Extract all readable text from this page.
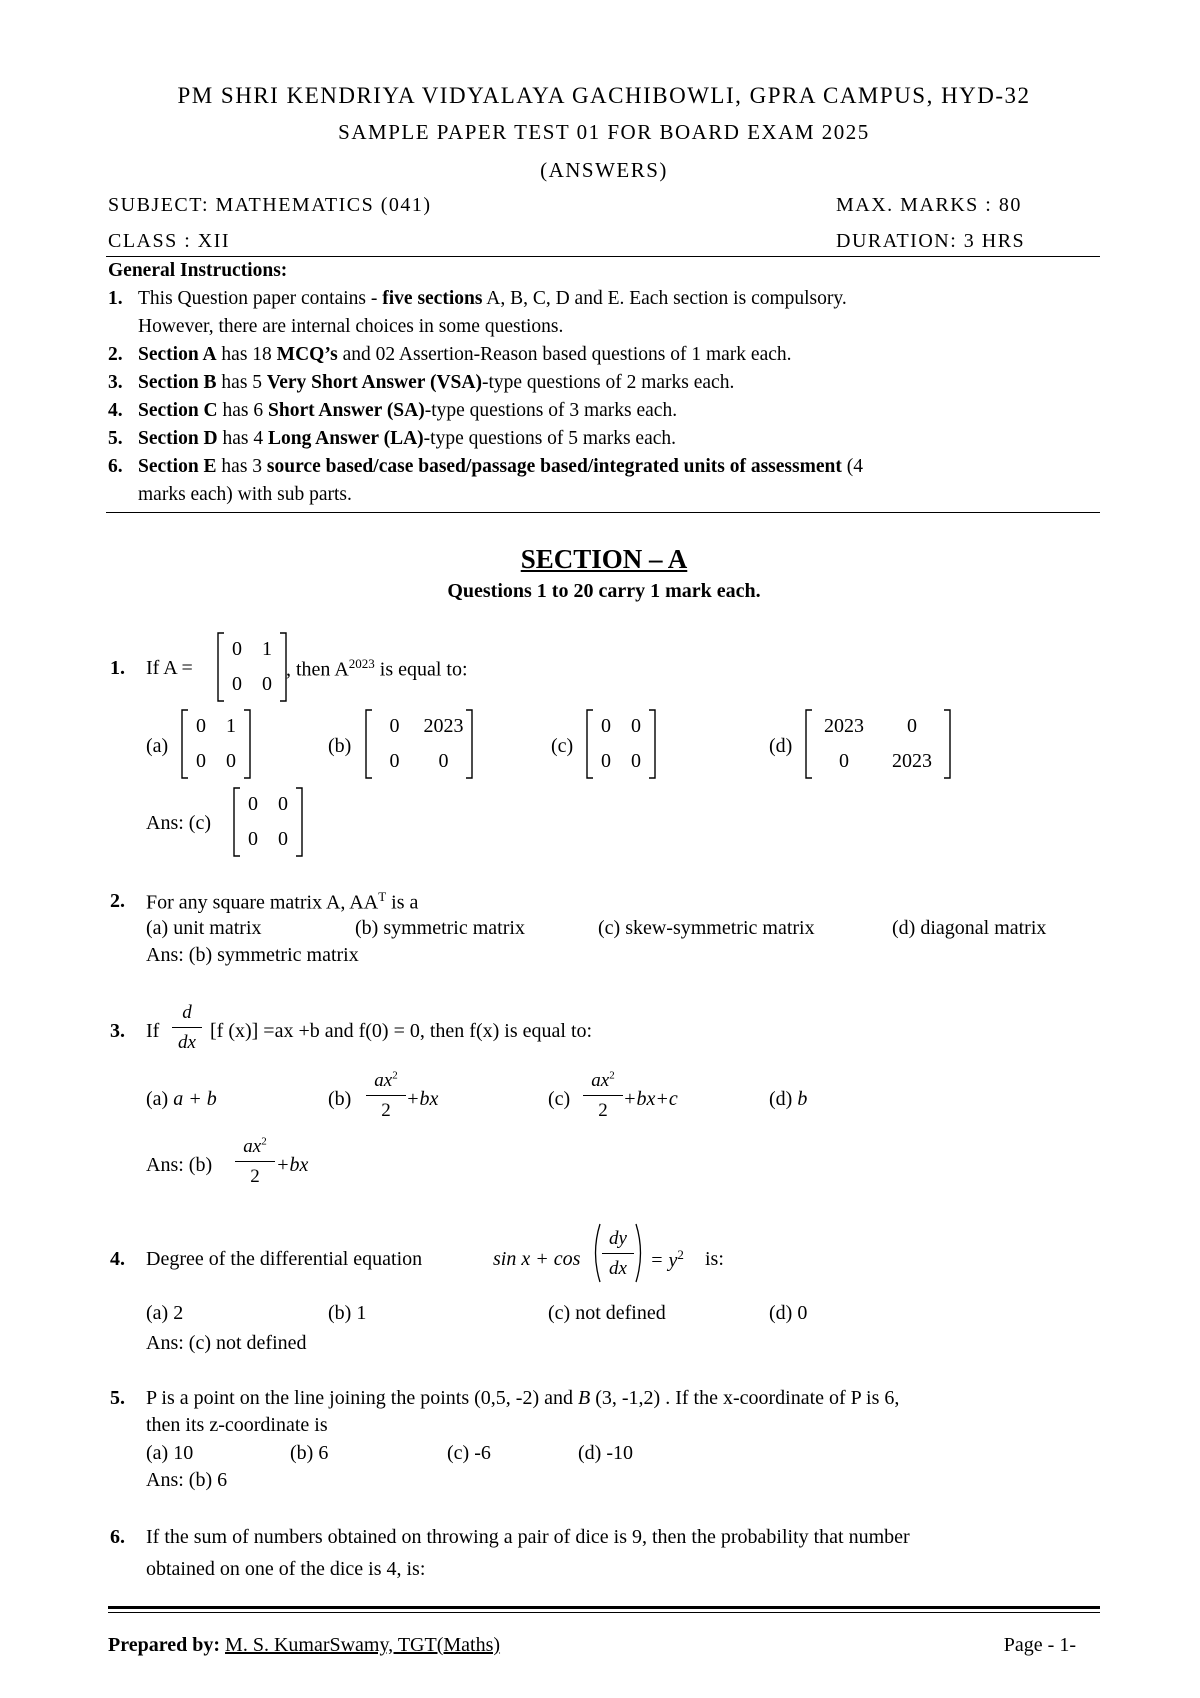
PM SHRI KENDRIYA VIDYALAYA GACHIBOWLI, GPRA CAMPUS, HYD-32
SAMPLE PAPER TEST 01 FOR BOARD EXAM 2025
(ANSWERS)
SUBJECT: MATHEMATICS (041)	MAX. MARKS : 80
CLASS : XII	DURATION: 3 HRS
General Instructions:
1. This Question paper contains - five sections A, B, C, D and E. Each section is compulsory.
However, there are internal choices in some questions.
2. Section A has 18 MCQ’s and 02 Assertion-Reason based questions of 1 mark each.
3. Section B has 5 Very Short Answer (VSA)-type questions of 2 marks each.
4. Section C has 6 Short Answer (SA)-type questions of 3 marks each.
5. Section D has 4 Long Answer (LA)-type questions of 5 marks each.
6. Section E has 3 source based/case based/passage based/integrated units of assessment (4
marks each) with sub parts.
SECTION – A
Questions 1 to 20 carry 1 mark each.
1. If A =
0	1
0	0
, then $A^{2023}$ is equal to:
(a)
0	1
0	0
(b)
0	2023
0	0
(c)
0	0
0	0
(d)
2023	0
0	2023
Ans: (c)
0	0
0	0
2. For any square matrix A, $AA^T$ is a
(a) unit matrix	(b) symmetric matrix	(c) skew-symmetric matrix	(d) diagonal matrix
Ans: (b) symmetric matrix
3. If
d
dx
[f (x)] =ax +b and f(0) = 0, then f(x) is equal to:
(a) a + b	(b)
$ax^2$
2
+bx	(c)
$ax^2$
2
+bx+c	(d) b
Ans: (b)
$ax^2$
2
+bx
4. Degree of the differential equation	sin x + cos
dy
dx	= $y^2$ is:
(a) 2	(b) 1	(c) not defined	(d) 0
Ans: (c) not defined
5. P is a point on the line joining the points (0,5, -2) and B (3, -1,2) . If the x-coordinate of P is 6,
then its z-coordinate is
(a) 10	(b) 6	(c) -6	(d) -10
Ans: (b) 6
6. If the sum of numbers obtained on throwing a pair of dice is 9, then the probability that number
obtained on one of the dice is 4, is:
Prepared by: M. S. KumarSwamy, TGT(Maths)	Page - 1-
